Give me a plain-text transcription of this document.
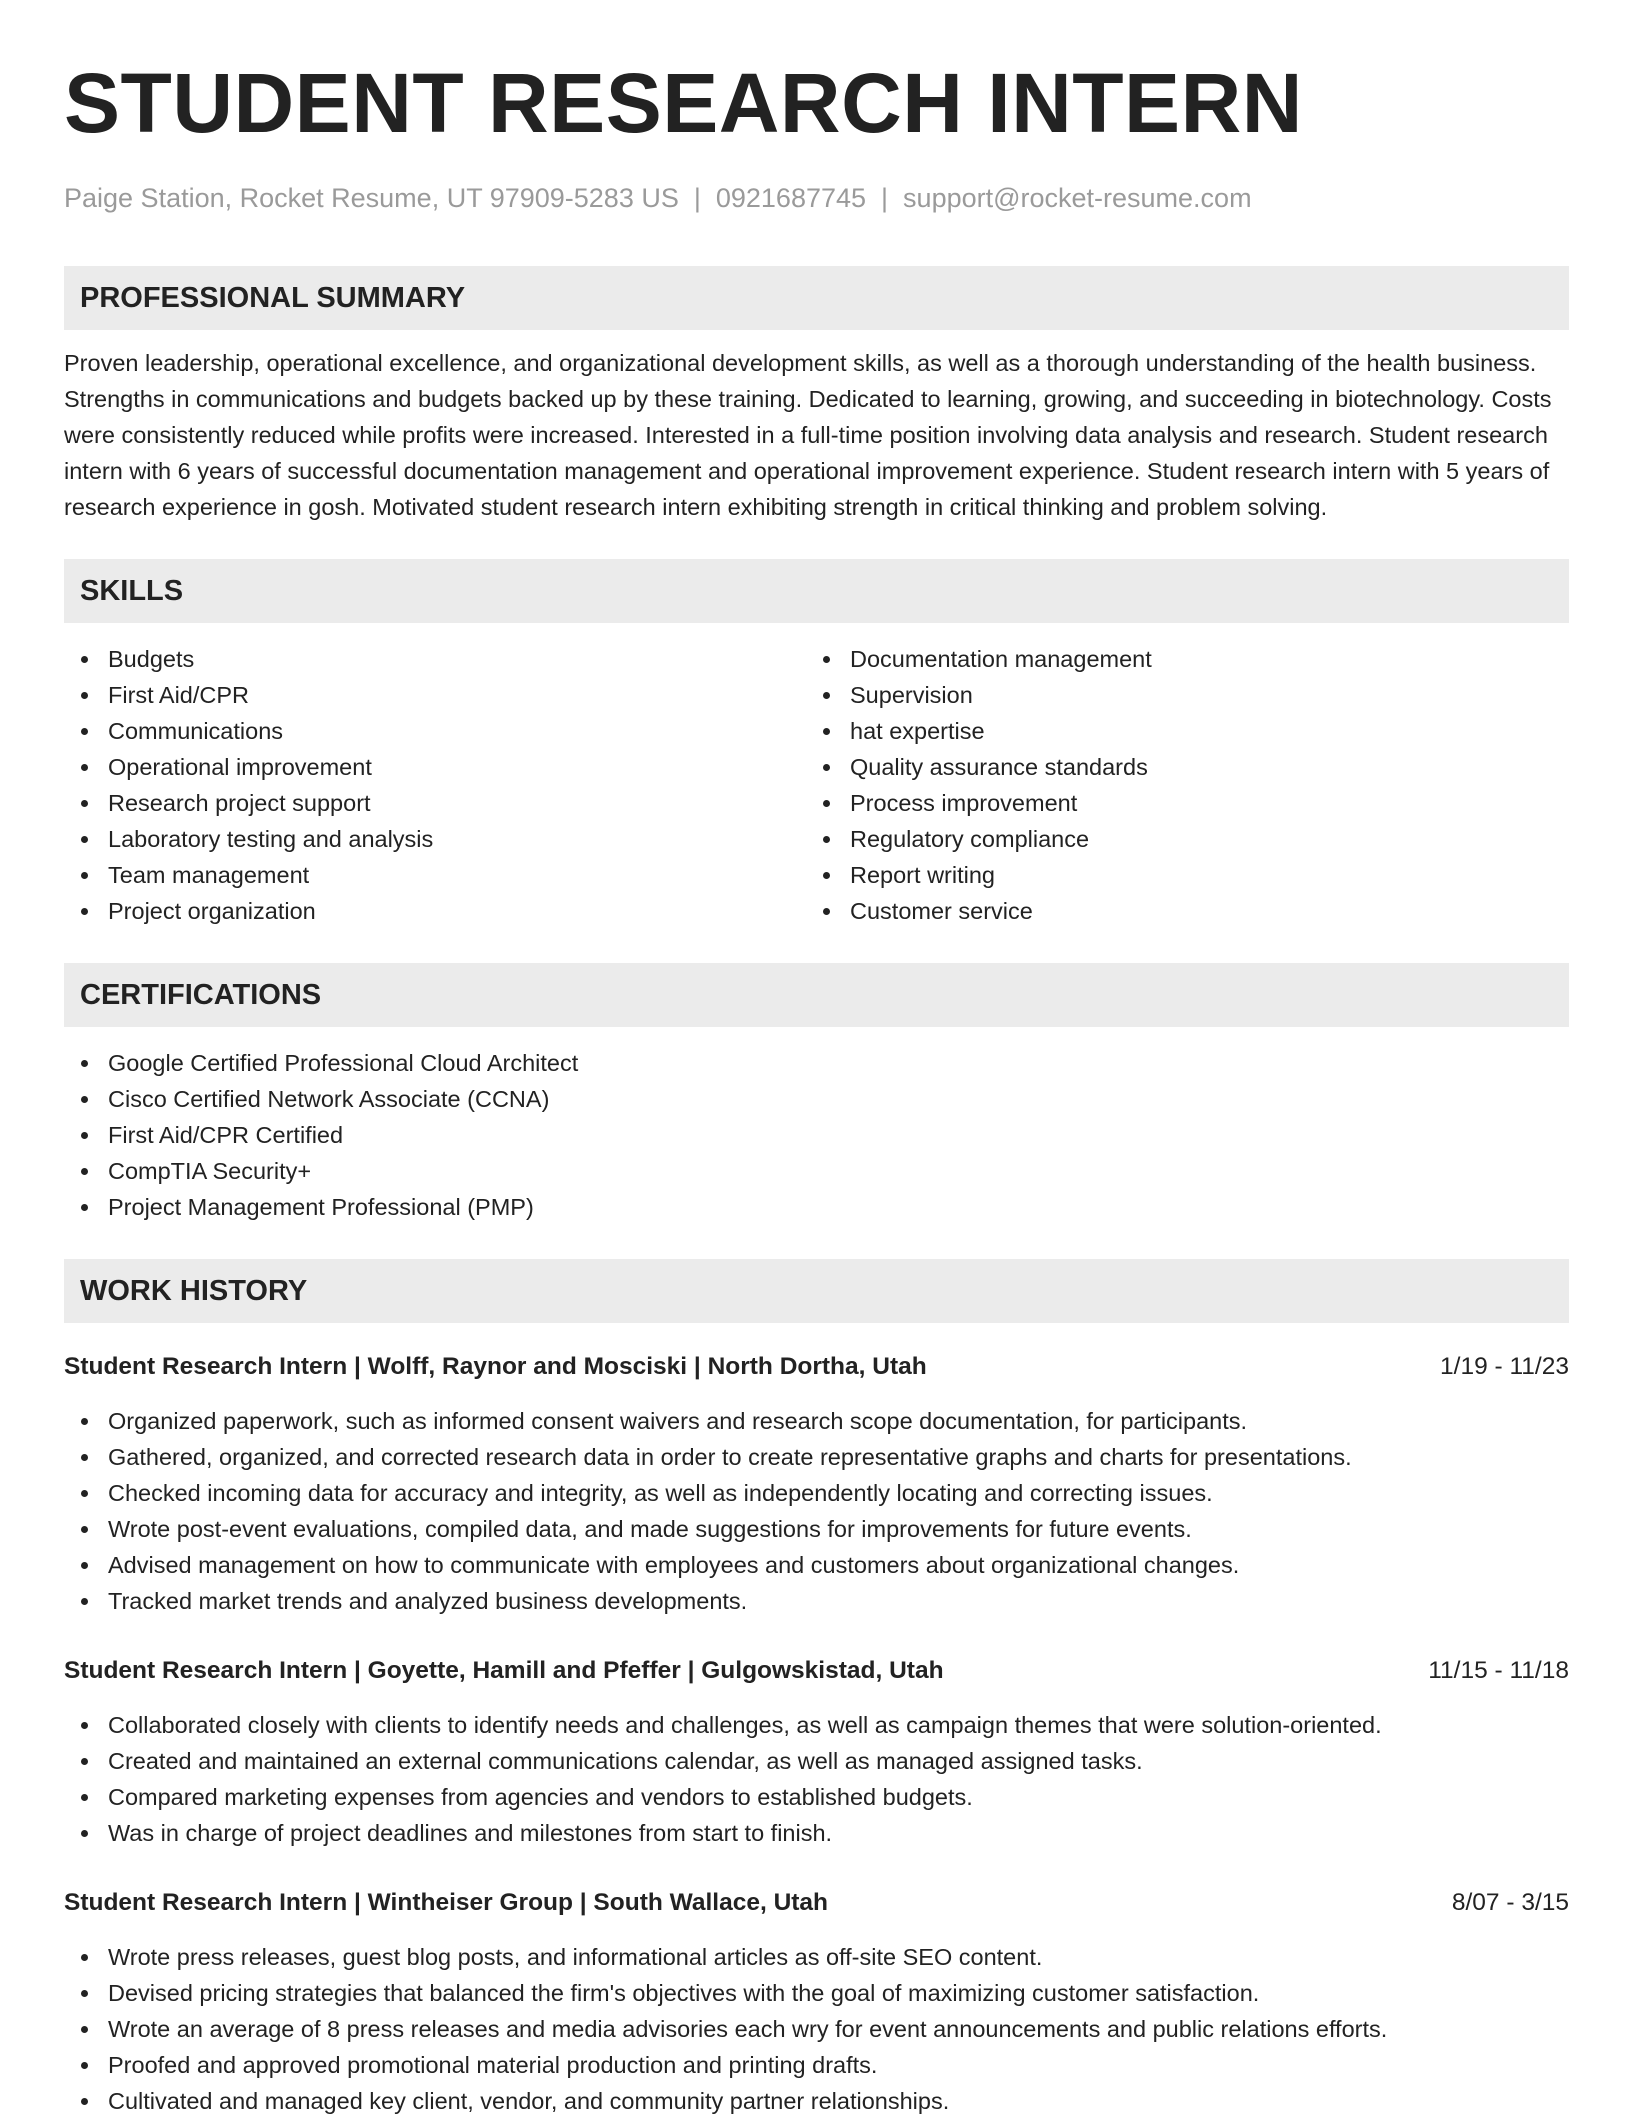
STUDENT RESEARCH INTERN
Paige Station, Rocket Resume, UT 97909-5283 US | 0921687745 | support@rocket-resume.com
PROFESSIONAL SUMMARY

Proven leadership, operational excellence, and organizational development skills, as well as a thorough understanding of the health business. Strengths in communications and budgets backed up by these training. Dedicated to learning, growing, and succeeding in biotechnology. Costs were consistently reduced while profits were increased. Interested in a full-time position involving data analysis and research. Student research intern with 6 years of successful documentation management and operational improvement experience. Student research intern with 5 years of research experience in gosh. Motivated student research intern exhibiting strength in critical thinking and problem solving.

SKILLS
Budgets
First Aid/CPR
Communications
Operational improvement
Research project support
Laboratory testing and analysis
Team management
Project organization
Documentation management
Supervision
hat expertise
Quality assurance standards
Process improvement
Regulatory compliance
Report writing
Customer service
CERTIFICATIONS
Google Certified Professional Cloud Architect
Cisco Certified Network Associate (CCNA)
First Aid/CPR Certified
CompTIA Security+
Project Management Professional (PMP)
WORK HISTORY
Student Research Intern | Wolff, Raynor and Mosciski | North Dortha, Utah	1/19 - 11/23
Organized paperwork, such as informed consent waivers and research scope documentation, for participants.
Gathered, organized, and corrected research data in order to create representative graphs and charts for presentations.
Checked incoming data for accuracy and integrity, as well as independently locating and correcting issues.
Wrote post-event evaluations, compiled data, and made suggestions for improvements for future events.
Advised management on how to communicate with employees and customers about organizational changes.
Tracked market trends and analyzed business developments.
Student Research Intern | Goyette, Hamill and Pfeffer | Gulgowskistad, Utah	11/15 - 11/18
Collaborated closely with clients to identify needs and challenges, as well as campaign themes that were solution-oriented.
Created and maintained an external communications calendar, as well as managed assigned tasks.
Compared marketing expenses from agencies and vendors to established budgets.
Was in charge of project deadlines and milestones from start to finish.
Student Research Intern | Wintheiser Group | South Wallace, Utah	8/07 - 3/15
Wrote press releases, guest blog posts, and informational articles as off-site SEO content.
Devised pricing strategies that balanced the firm's objectives with the goal of maximizing customer satisfaction.
Wrote an average of 8 press releases and media advisories each wry for event announcements and public relations efforts.
Proofed and approved promotional material production and printing drafts.
Cultivated and managed key client, vendor, and community partner relationships.
